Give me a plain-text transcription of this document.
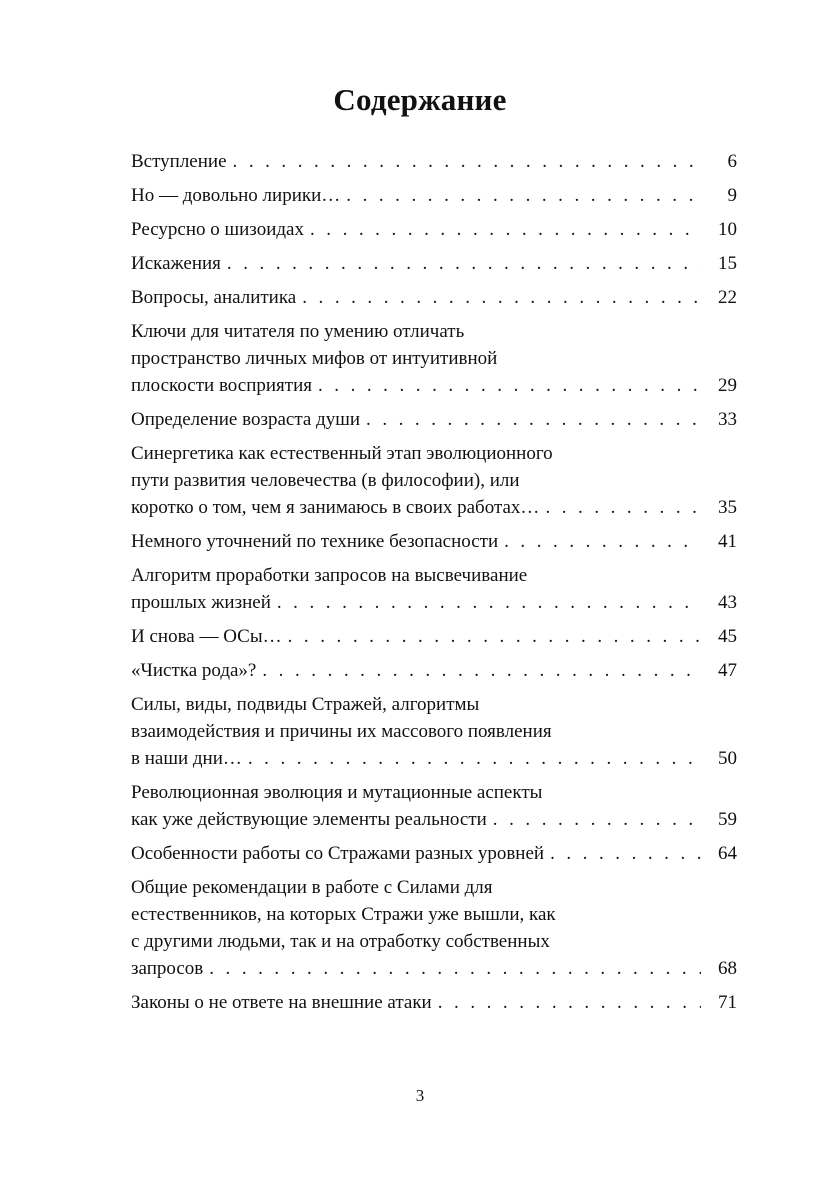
Содержание
Вступление . . .	6
Но — довольно лирики… . . .	9
Ресурсно о шизоидах . . .	10
Искажения . . .	15
Вопросы, аналитика . . .	22
Ключи для читателя по умению отличать
пространство личных мифов от интуитивной
плоскости восприятия . . .	29
Определение возраста души . . .	33
Синергетика как естественный этап эволюционного
пути развития человечества (в философии), или
коротко о том, чем я занимаюсь в своих работах… . . .	35
Немного уточнений по технике безопасности . . .	41
Алгоритм проработки запросов на высвечивание
прошлых жизней . . .	43
И снова — ОСы… . . .	45
«Чистка рода»? . . .	47
Силы, виды, подвиды Стражей, алгоритмы
взаимодействия и причины их массового появления
в наши дни… . . .	50
Революционная эволюция и мутационные аспекты
как уже действующие элементы реальности . . .	59
Особенности работы со Стражами разных уровней . . .	64
Общие рекомендации в работе с Силами для
естественников, на которых Стражи уже вышли, как
с другими людьми, так и на отработку собственных
запросов . . .	68
Законы о не ответе на внешние атаки . . .	71
3
